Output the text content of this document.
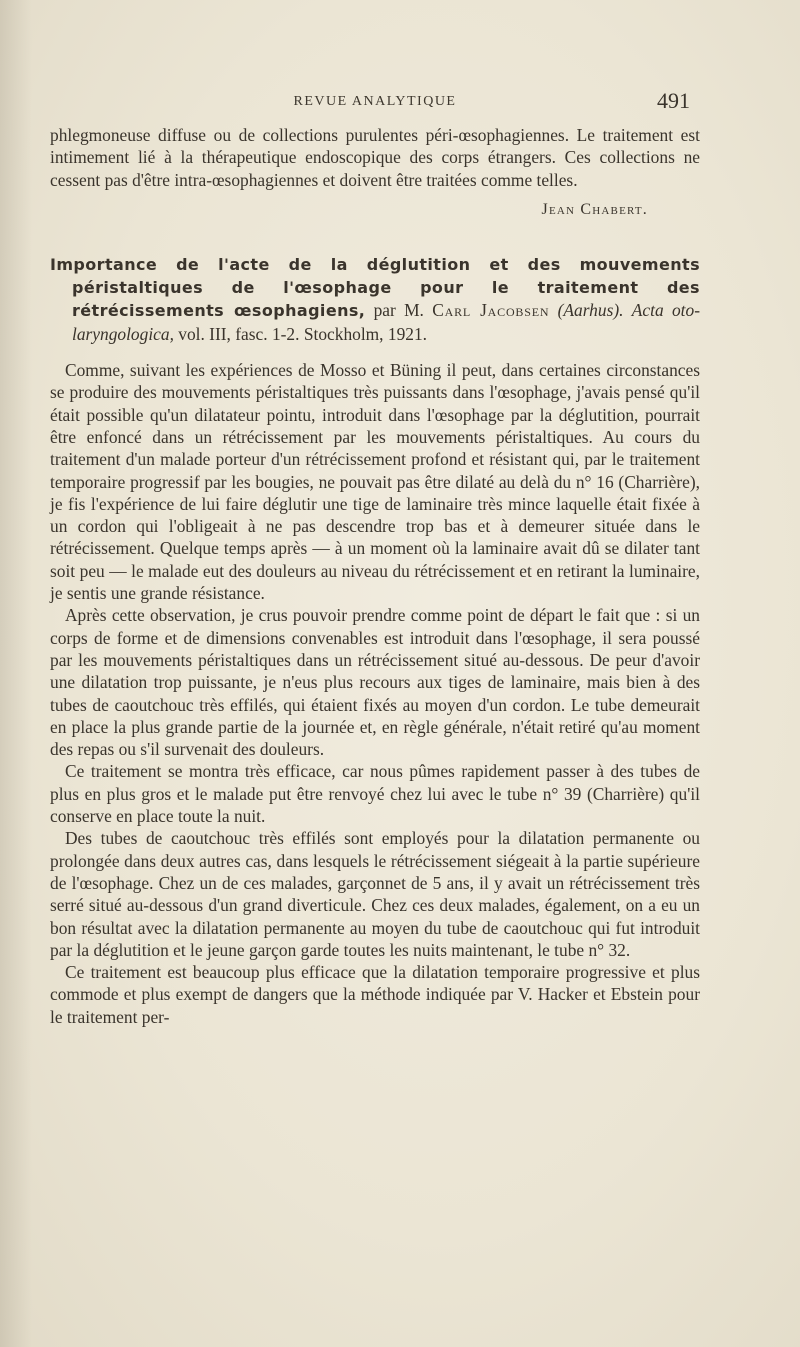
REVUE ANALYTIQUE	491

phlegmoneuse diffuse ou de collections purulentes péri-œsophagiennes. Le traitement est intimement lié à la thérapeutique endoscopique des corps étrangers. Ces collections ne cessent pas d'être intra-œsophagiennes et doivent être traitées comme telles.

Jean Chabert.

Importance de l'acte de la déglutition et des mouvements péristaltiques de l'œsophage pour le traitement des rétrécissements œsophagiens, par M. Carl Jacobsen (Aarhus). Acta oto-laryngologica, vol. III, fasc. 1-2. Stockholm, 1921.

Comme, suivant les expériences de Mosso et Büning il peut, dans certaines circonstances se produire des mouvements péristaltiques très puissants dans l'œsophage, j'avais pensé qu'il était possible qu'un dilatateur pointu, introduit dans l'œsophage par la déglutition, pourrait être enfoncé dans un rétrécissement par les mouvements péristaltiques. Au cours du traitement d'un malade porteur d'un rétrécissement profond et résistant qui, par le traitement temporaire progressif par les bougies, ne pouvait pas être dilaté au delà du n° 16 (Charrière), je fis l'expérience de lui faire déglutir une tige de laminaire très mince laquelle était fixée à un cordon qui l'obligeait à ne pas descendre trop bas et à demeurer située dans le rétrécissement. Quelque temps après — à un moment où la laminaire avait dû se dilater tant soit peu — le malade eut des douleurs au niveau du rétrécissement et en retirant la luminaire, je sentis une grande résistance.

Après cette observation, je crus pouvoir prendre comme point de départ le fait que : si un corps de forme et de dimensions convenables est introduit dans l'œsophage, il sera poussé par les mouvements péristaltiques dans un rétrécissement situé au-dessous. De peur d'avoir une dilatation trop puissante, je n'eus plus recours aux tiges de laminaire, mais bien à des tubes de caoutchouc très effilés, qui étaient fixés au moyen d'un cordon. Le tube demeurait en place la plus grande partie de la journée et, en règle générale, n'était retiré qu'au moment des repas ou s'il survenait des douleurs.

Ce traitement se montra très efficace, car nous pûmes rapidement passer à des tubes de plus en plus gros et le malade put être renvoyé chez lui avec le tube n° 39 (Charrière) qu'il conserve en place toute la nuit.

Des tubes de caoutchouc très effilés sont employés pour la dilatation permanente ou prolongée dans deux autres cas, dans lesquels le rétrécissement siégeait à la partie supérieure de l'œsophage. Chez un de ces malades, garçonnet de 5 ans, il y avait un rétrécissement très serré situé au-dessous d'un grand diverticule. Chez ces deux malades, également, on a eu un bon résultat avec la dilatation permanente au moyen du tube de caoutchouc qui fut introduit par la déglutition et le jeune garçon garde toutes les nuits maintenant, le tube n° 32.

Ce traitement est beaucoup plus efficace que la dilatation temporaire progressive et plus commode et plus exempt de dangers que la méthode indiquée par V. Hacker et Ebstein pour le traitement per-
